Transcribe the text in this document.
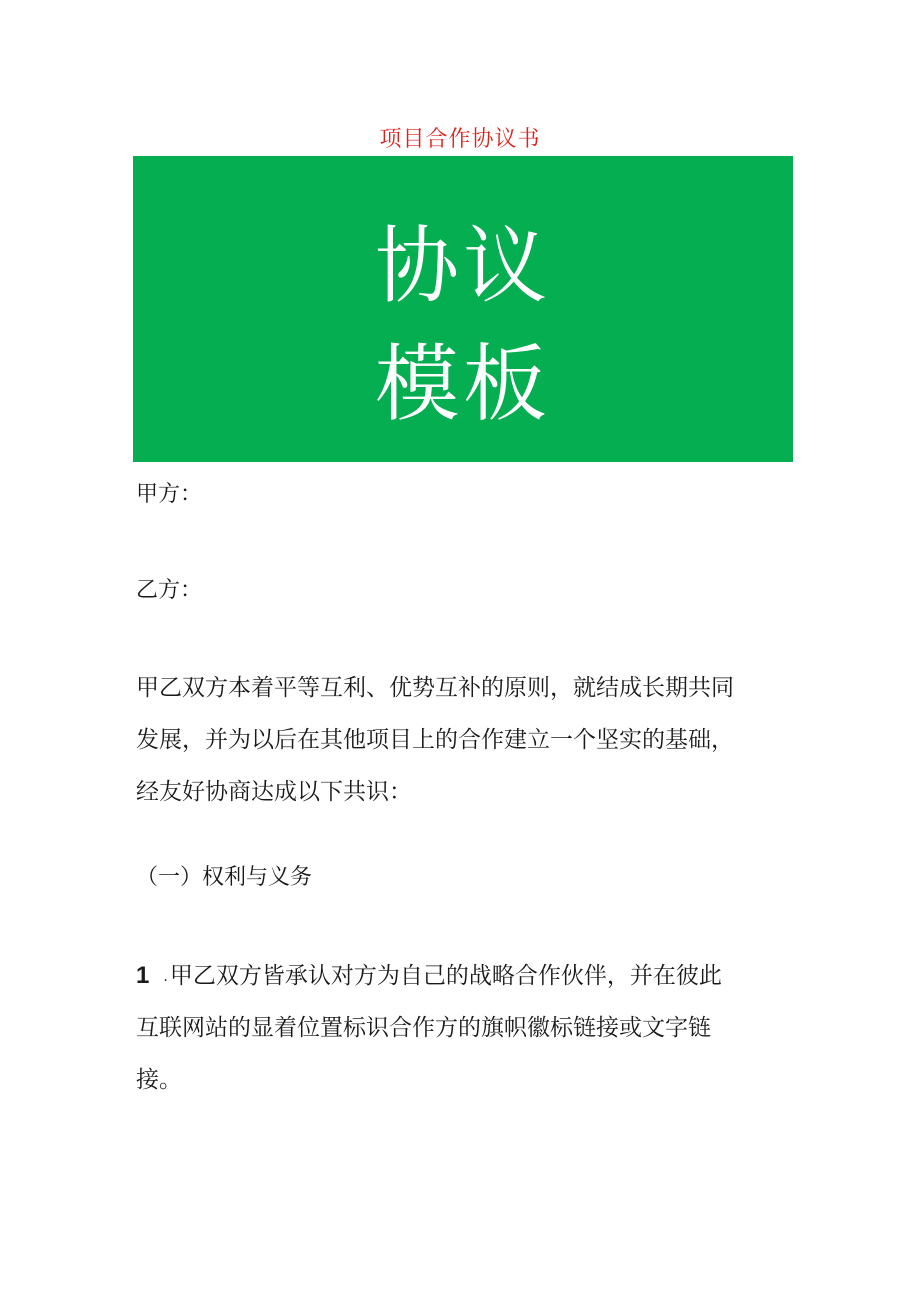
项目合作协议书
协议
模板
甲方：
乙方：
甲乙双方本着平等互利、优势互补的原则，就结成长期共同
发展，并为以后在其他项目上的合作建立一个坚实的基础，
经友好协商达成以下共识：
（一）权利与义务
1 .甲乙双方皆承认对方为自己的战略合作伙伴，并在彼此
互联网站的显着位置标识合作方的旗帜徽标链接或文字链
接。
